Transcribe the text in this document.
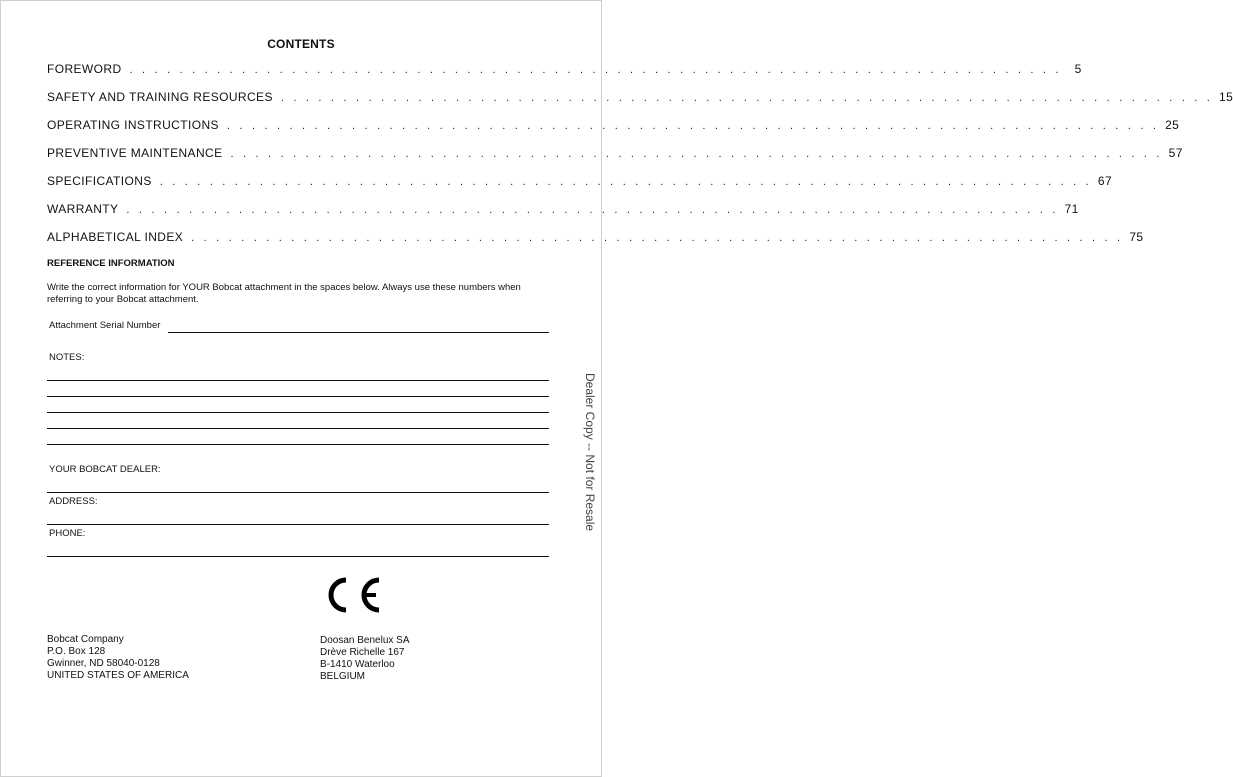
CONTENTS
FOREWORD . . . . . . . . . . . . . . . . . . . . . . . . . . . . . . . . . . . . . . . . . . . . . . . . . . . . . . . . . . . . . . . . . . . . . . . . . . .	5
SAFETY AND TRAINING RESOURCES . . . . . . . . . . . . . . . . . . . . . . . . . . . . . . . . . . . . . . . . . . . . . . . . . . . . . . . . . . . . . . . . . . . . . . . . . . . 15
OPERATING INSTRUCTIONS . . . . . . . . . . . . . . . . . . . . . . . . . . . . . . . . . . . . . . . . . . . . . . . . . . . . . . . . . . . . . . . . . . . . . . . . . . . 25
PREVENTIVE MAINTENANCE . . . . . . . . . . . . . . . . . . . . . . . . . . . . . . . . . . . . . . . . . . . . . . . . . . . . . . . . . . . . . . . . . . . . . . . . . . . 57
SPECIFICATIONS . . . . . . . . . . . . . . . . . . . . . . . . . . . . . . . . . . . . . . . . . . . . . . . . . . . . . . . . . . . . . . . . . . . . . . . . . . . 67
WARRANTY . . . . . . . . . . . . . . . . . . . . . . . . . . . . . . . . . . . . . . . . . . . . . . . . . . . . . . . . . . . . . . . . . . . . . . . . . . . 71
ALPHABETICAL INDEX . . . . . . . . . . . . . . . . . . . . . . . . . . . . . . . . . . . . . . . . . . . . . . . . . . . . . . . . . . . . . . . . . . . . . . . . . . . 75
REFERENCE INFORMATION
Write the correct information for YOUR Bobcat attachment in the spaces below. Always use these numbers when referring to your Bobcat attachment.
Attachment Serial Number
NOTES:
YOUR BOBCAT DEALER:
ADDRESS:
PHONE:
Bobcat Company
P.O. Box 128
Gwinner, ND 58040-0128
UNITED STATES OF AMERICA
Doosan Benelux SA
Drève Richelle 167
B-1410 Waterloo
BELGIUM
Dealer Copy -- Not for Resale
